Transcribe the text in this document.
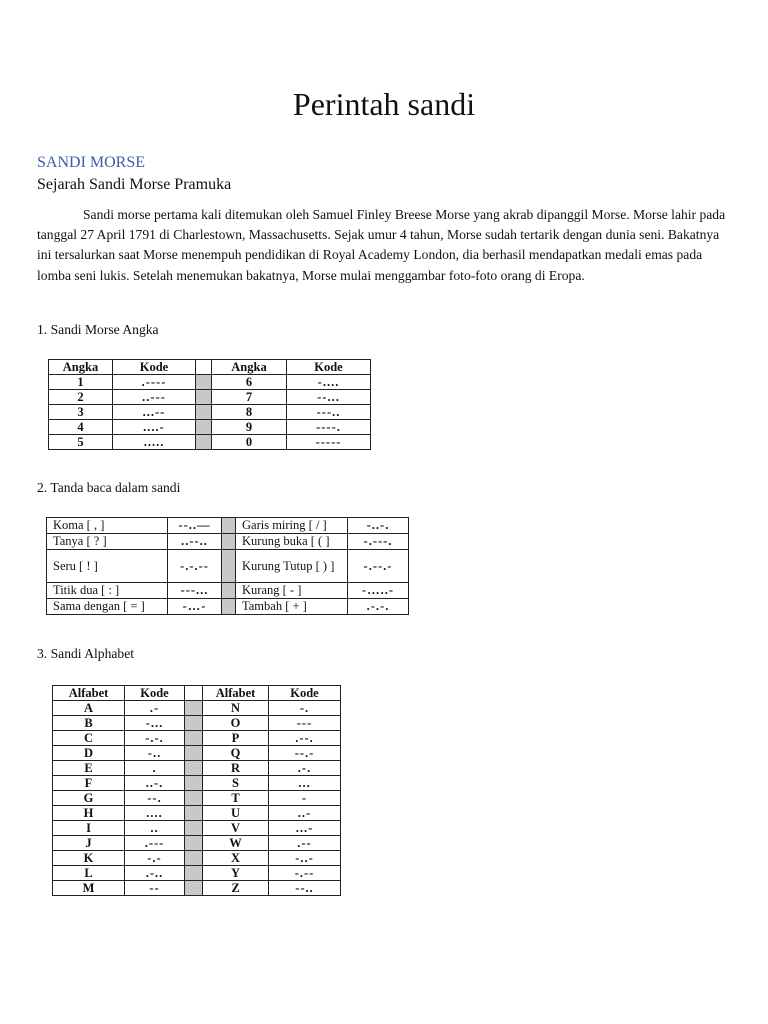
Perintah sandi
SANDI MORSE
Sejarah Sandi Morse Pramuka

Sandi morse pertama kali ditemukan oleh Samuel Finley Breese Morse yang akrab dipanggil Morse. Morse lahir pada tanggal 27 April 1791 di Charlestown, Massachusetts. Sejak umur 4 tahun, Morse sudah tertarik dengan dunia seni. Bakatnya ini tersalurkan saat Morse menempuh pendidikan di Royal Academy London, dia berhasil mendapatkan medali emas pada lomba seni lukis. Setelah menemukan bakatnya, Morse mulai menggambar foto-foto orang di Eropa.

1. Sandi Morse Angka
Angka	Kode		Angka	Kode
1	.----		6	-....
2	..---		7	--...
3	...--		8	---..
4	....-		9	----.
5	.....		0	-----
2. Tanda baca dalam sandi
Koma [ , ]	--..—		Garis miring [ / ]	-..-.
Tanya [ ? ]	..--..		Kurung buka [ ( ]	-.---.
Seru [ ! ]	-.-.--		Kurung Tutup [ ) ]	-.--.-
Titik dua [ : ]	---...		Kurang [ - ]	-…..-
Sama dengan [ = ]	-…-		Tambah [ + ]	.-.-.
3. Sandi Alphabet
Alfabet	Kode		Alfabet	Kode
A	.-		N	-.
B	-...		O	---
C	-.-.		P	.--.
D	-..		Q	--.-
E	.		R	.-.
F	..-.		S	...
G	--.		T	-
H	....		U	..-
I	..		V	...-
J	.---		W	.--
K	-.-		X	-..-
L	.-..		Y	-.--
M	--		Z	--..
